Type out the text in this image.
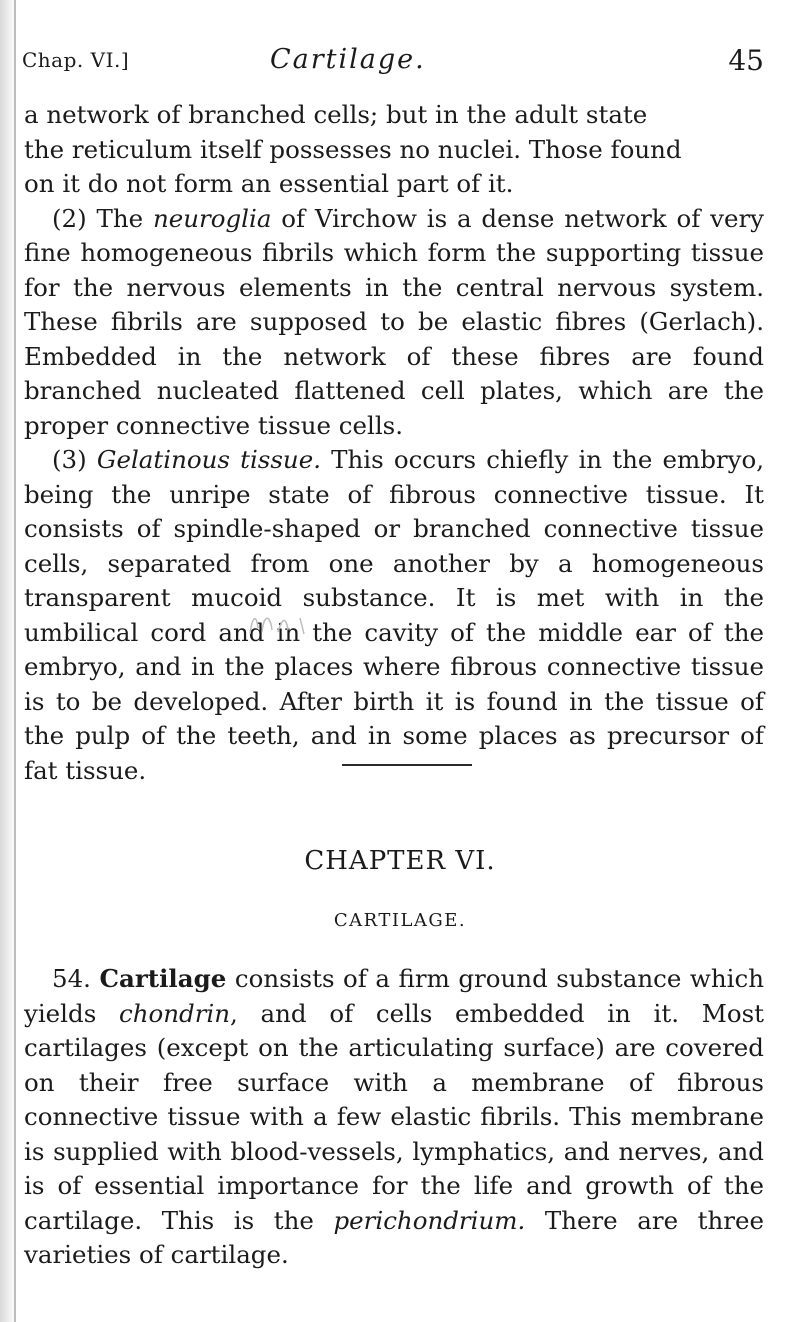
Chap. VI.]	Cartilage.	45

a network of branched cells; but in the adult state

the reticulum itself possesses no nuclei. Those found

on it do not form an essential part of it.

(2) The neuroglia of Virchow is a dense network of very fine homogeneous fibrils which form the supporting tissue for the nervous elements in the central nervous system. These fibrils are supposed to be elastic fibres (Gerlach). Embedded in the network of these fibres are found branched nucleated flattened cell plates, which are the proper connective tissue cells.

(3) Gelatinous tissue. This occurs chiefly in the embryo, being the unripe state of fibrous connective tissue. It consists of spindle-shaped or branched connective tissue cells, separated from one another by a homogeneous transparent mucoid substance. It is met with in the umbilical cord and in the cavity of the middle ear of the embryo, and in the places where fibrous connective tissue is to be developed. After birth it is found in the tissue of the pulp of the teeth, and in some places as precursor of fat tissue.

CHAPTER VI.
CARTILAGE.

54. Cartilage consists of a firm ground substance which yields chondrin, and of cells embedded in it. Most cartilages (except on the articulating surface) are covered on their free surface with a membrane of fibrous connective tissue with a few elastic fibrils. This membrane is supplied with blood-vessels, lymphatics, and nerves, and is of essential importance for the life and growth of the cartilage. This is the perichondrium. There are three varieties of cartilage.
